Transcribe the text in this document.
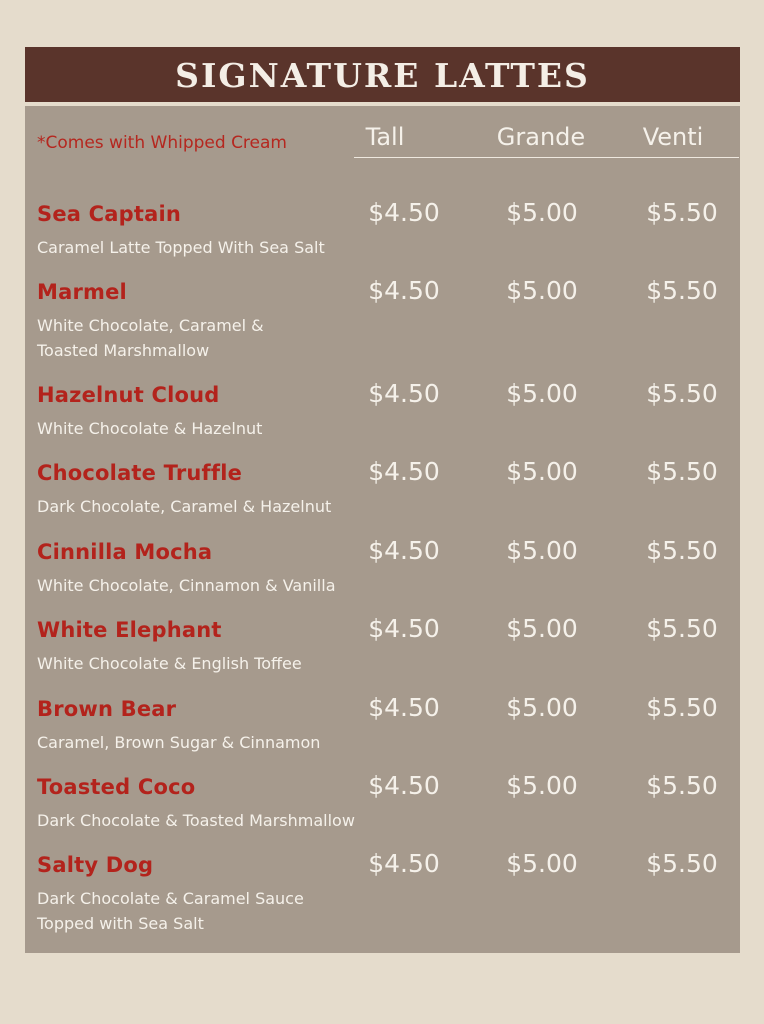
SIGNATURE LATTES
*Comes with Whipped Cream	Tall	Grande	Venti
Sea Captain
Caramel Latte Topped With Sea Salt
$4.50	$5.00	$5.50
Marmel
White Chocolate, Caramel &
Toasted Marshmallow
$4.50	$5.00	$5.50
Hazelnut Cloud
White Chocolate & Hazelnut
$4.50	$5.00	$5.50
Chocolate Truffle
Dark Chocolate, Caramel & Hazelnut
$4.50	$5.00	$5.50
Cinnilla Mocha
White Chocolate, Cinnamon & Vanilla
$4.50	$5.00	$5.50
White Elephant
White Chocolate & English Toffee
$4.50	$5.00	$5.50
Brown Bear
Caramel, Brown Sugar & Cinnamon
$4.50	$5.00	$5.50
Toasted Coco
Dark Chocolate & Toasted Marshmallow
$4.50	$5.00	$5.50
Salty Dog
Dark Chocolate & Caramel Sauce
Topped with Sea Salt
$4.50	$5.00	$5.50
